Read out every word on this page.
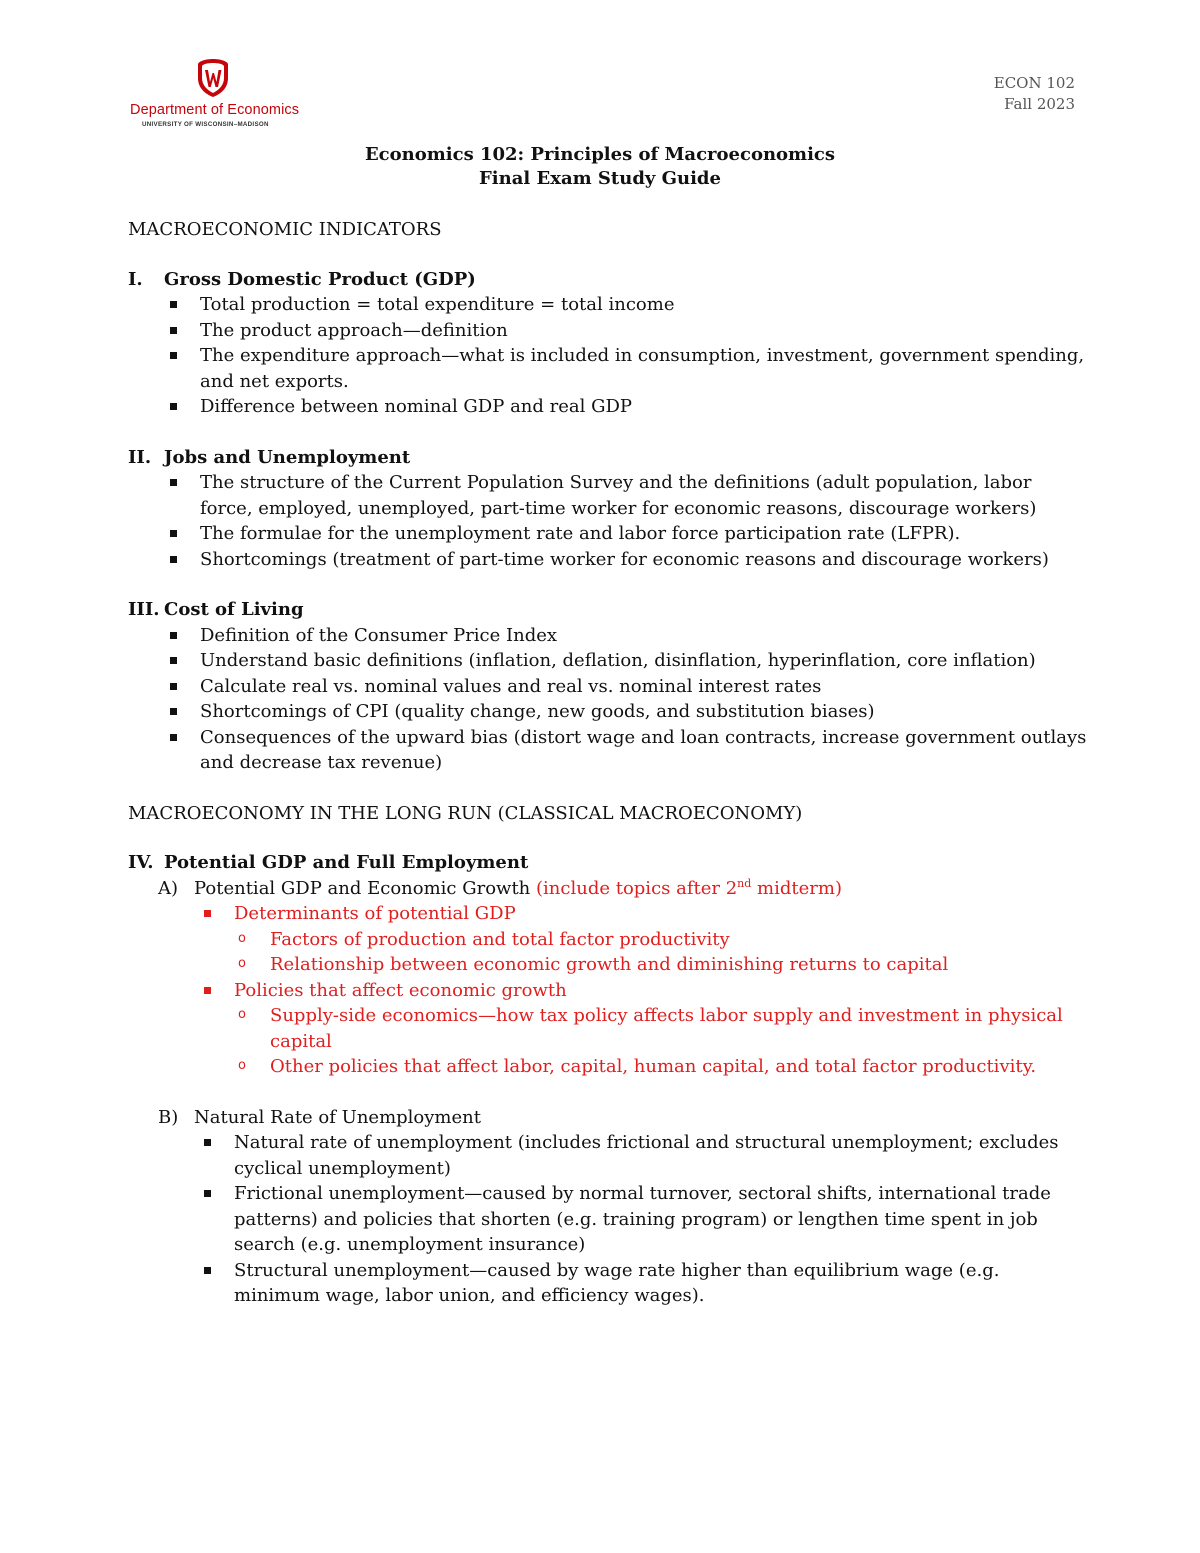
Department of Economics
UNIVERSITY OF WISCONSIN–MADISON
ECON 102
Fall 2023
Economics 102: Principles of Macroeconomics
Final Exam Study Guide
MACROECONOMIC INDICATORS
I.	Gross Domestic Product (GDP)
Total production = total expenditure = total income
The product approach—definition
The expenditure approach—what is included in consumption, investment, government spending, and net exports.
Difference between nominal GDP and real GDP
II. Jobs and Unemployment
The structure of the Current Population Survey and the definitions (adult population, labor force, employed, unemployed, part-time worker for economic reasons, discourage workers)
The formulae for the unemployment rate and labor force participation rate (LFPR).
Shortcomings (treatment of part-time worker for economic reasons and discourage workers)
III. Cost of Living
Definition of the Consumer Price Index
Understand basic definitions (inflation, deflation, disinflation, hyperinflation, core inflation)
Calculate real vs. nominal values and real vs. nominal interest rates
Shortcomings of CPI (quality change, new goods, and substitution biases)
Consequences of the upward bias (distort wage and loan contracts, increase government outlays and decrease tax revenue)
MACROECONOMY IN THE LONG RUN (CLASSICAL MACROECONOMY)
IV. Potential GDP and Full Employment
A) Potential GDP and Economic Growth (include topics after 2nd midterm)
Determinants of potential GDP
o Factors of production and total factor productivity
o Relationship between economic growth and diminishing returns to capital
Policies that affect economic growth
o Supply-side economics—how tax policy affects labor supply and investment in physical capital
o Other policies that affect labor, capital, human capital, and total factor productivity.
B) Natural Rate of Unemployment
Natural rate of unemployment (includes frictional and structural unemployment; excludes cyclical unemployment)
Frictional unemployment—caused by normal turnover, sectoral shifts, international trade patterns) and policies that shorten (e.g. training program) or lengthen time spent in job search (e.g. unemployment insurance)
Structural unemployment—caused by wage rate higher than equilibrium wage (e.g. minimum wage, labor union, and efficiency wages).
